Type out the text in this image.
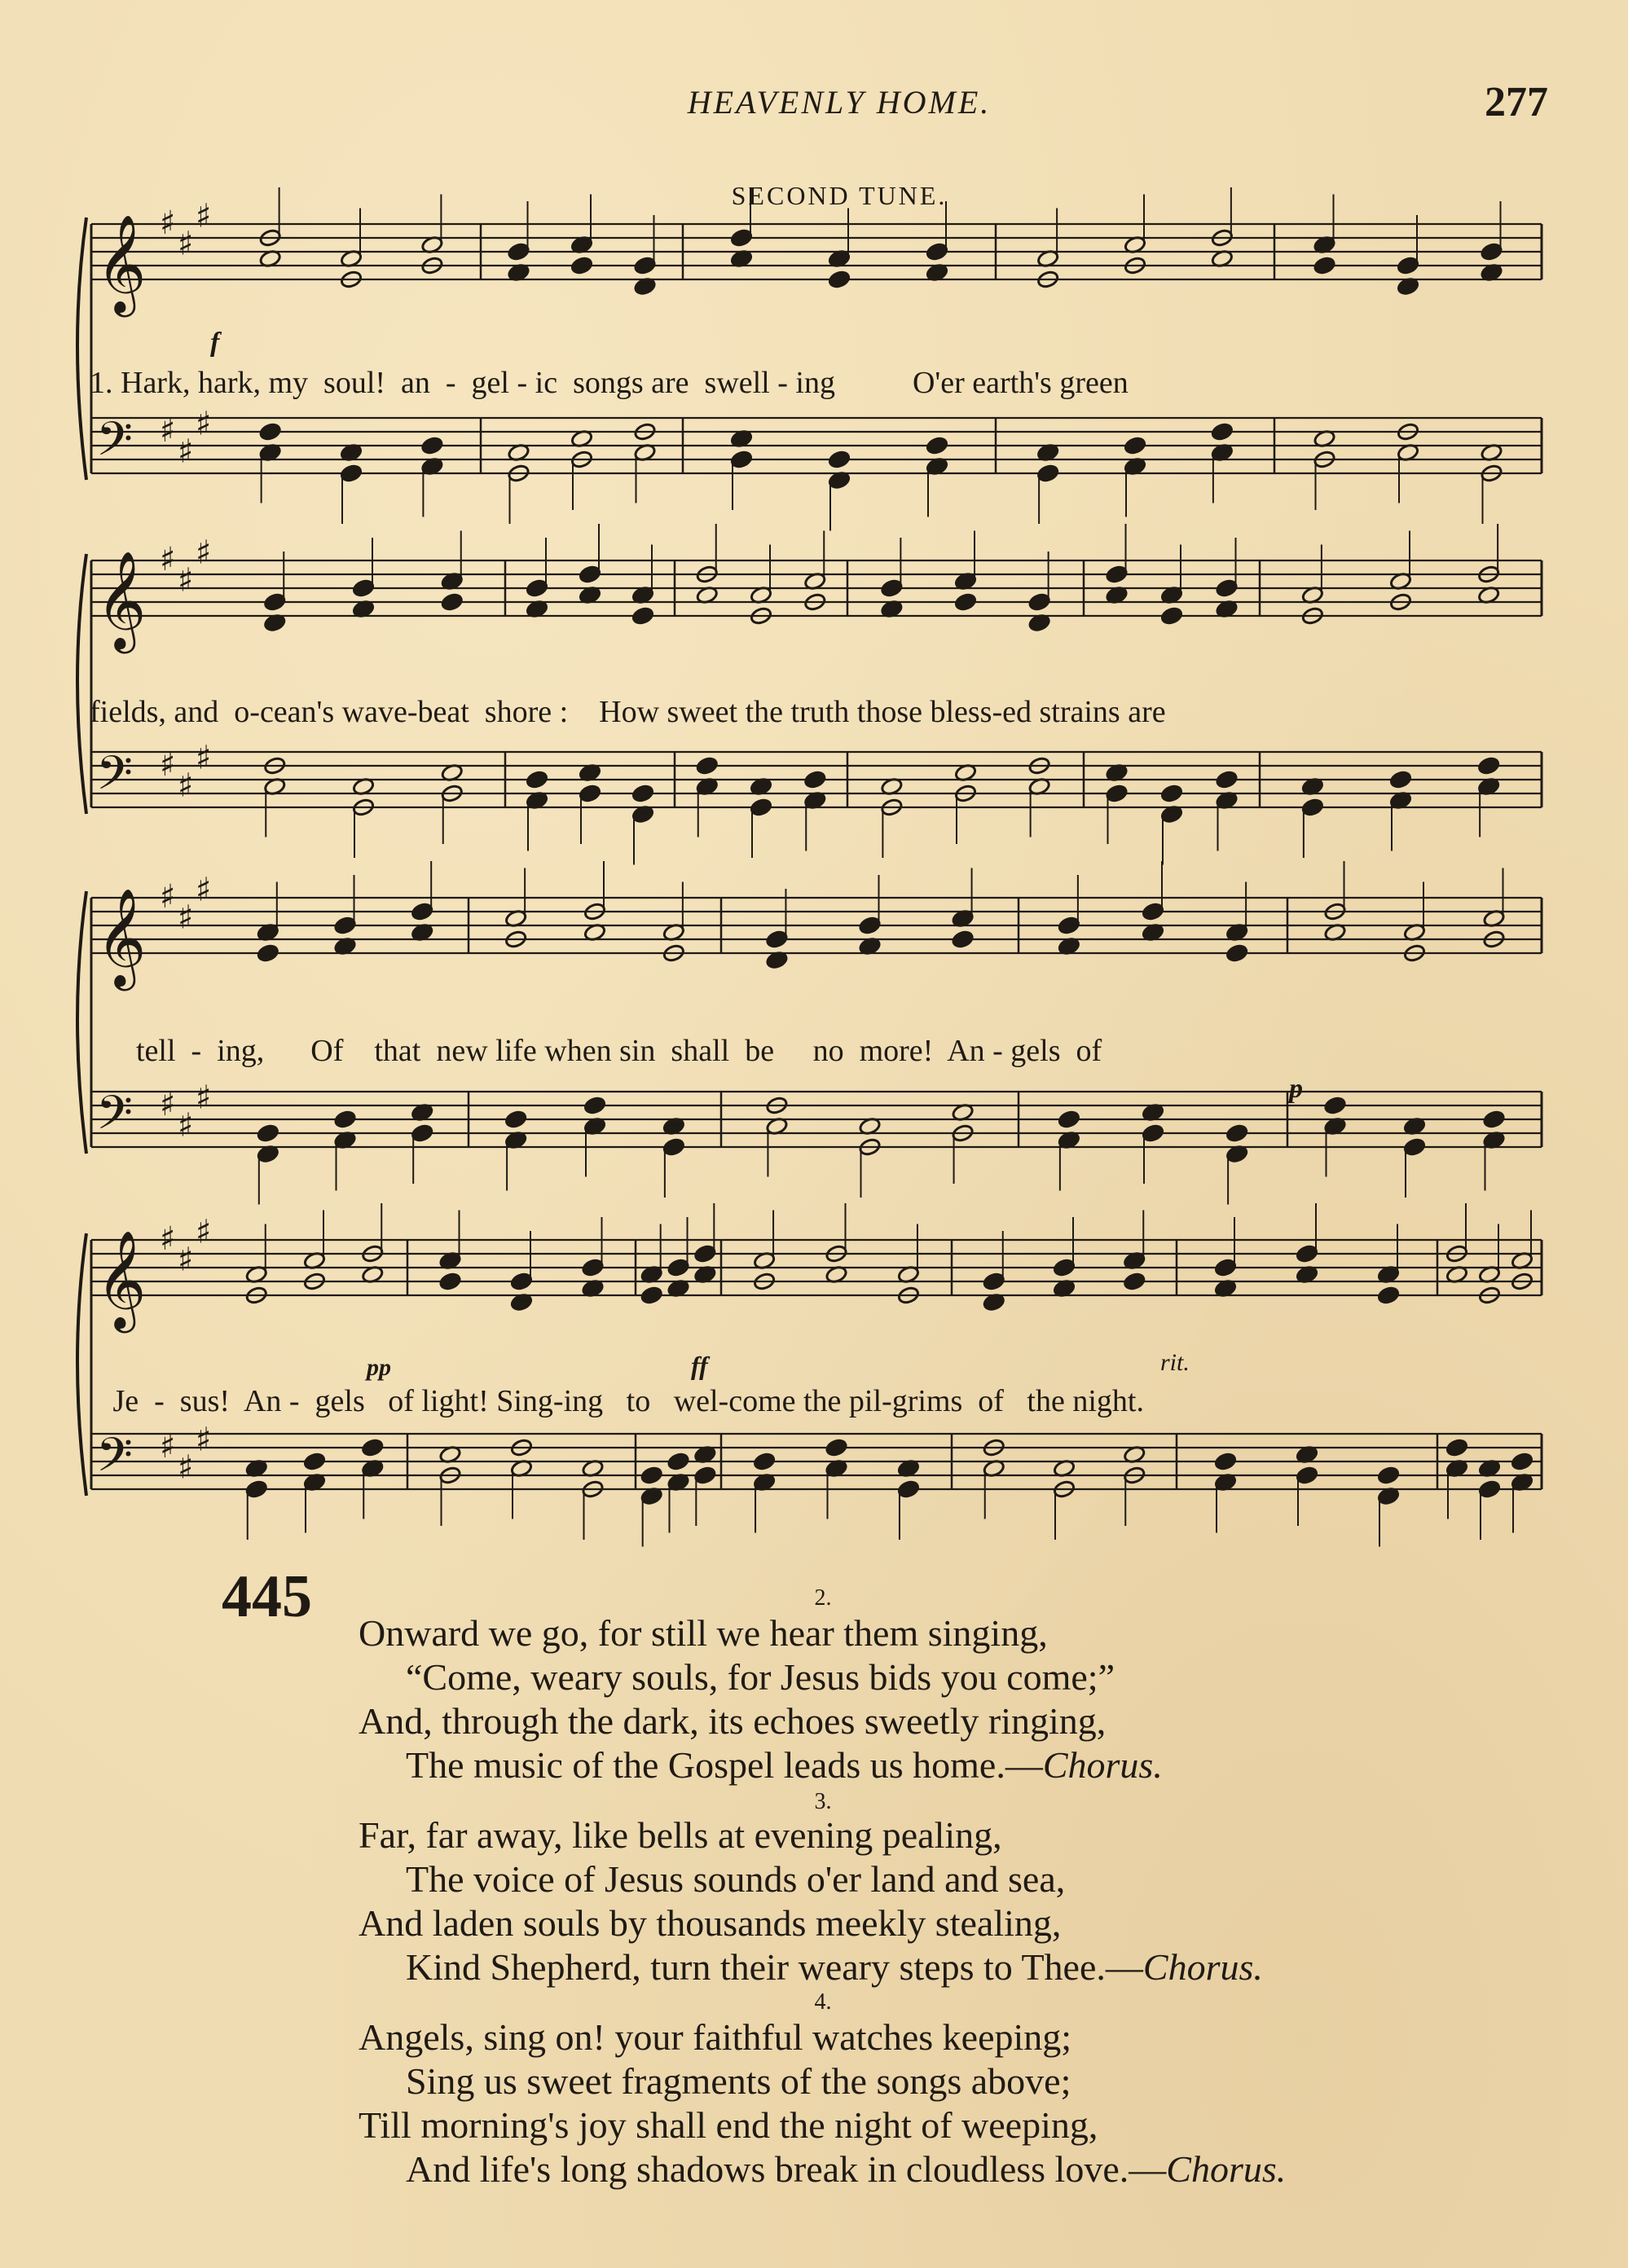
HEAVENLY HOME.	277
SECOND TUNE.
𝄞 ♯
♯
♯
𝄢 ♯
♯
♯
𝄞 ♯
♯
♯
𝄢 ♯
♯
♯
𝄞 ♯
♯
♯
𝄢 ♯
♯
♯
𝄞 ♯
♯
♯
𝄢 ♯
♯
♯
1. Hark, hark, my  soul!  an  -  gel - ic  songs are  swell - ing          O'er earth's green
fields, and  o-cean's wave-beat  shore :    How sweet the truth those bless-ed strains are
tell  -  ing,      Of    that  new life when sin  shall  be     no  more!  An - gels  of
Je  -  sus!  An -  gels   of light! Sing-ing   to   wel-come the pil-grims  of   the night.
f
p
pp	ff	rit.
445	2.
Onward we go, for still we hear them singing,
“Come, weary souls, for Jesus bids you come;”
And, through the dark, its echoes sweetly ringing,
The music of the Gospel leads us home.—Chorus.
3.
Far, far away, like bells at evening pealing,
The voice of Jesus sounds o'er land and sea,
And laden souls by thousands meekly stealing,
Kind Shepherd, turn their weary steps to Thee.—Chorus.
4.
Angels, sing on! your faithful watches keeping;
Sing us sweet fragments of the songs above;
Till morning's joy shall end the night of weeping,
And life's long shadows break in cloudless love.—Chorus.
